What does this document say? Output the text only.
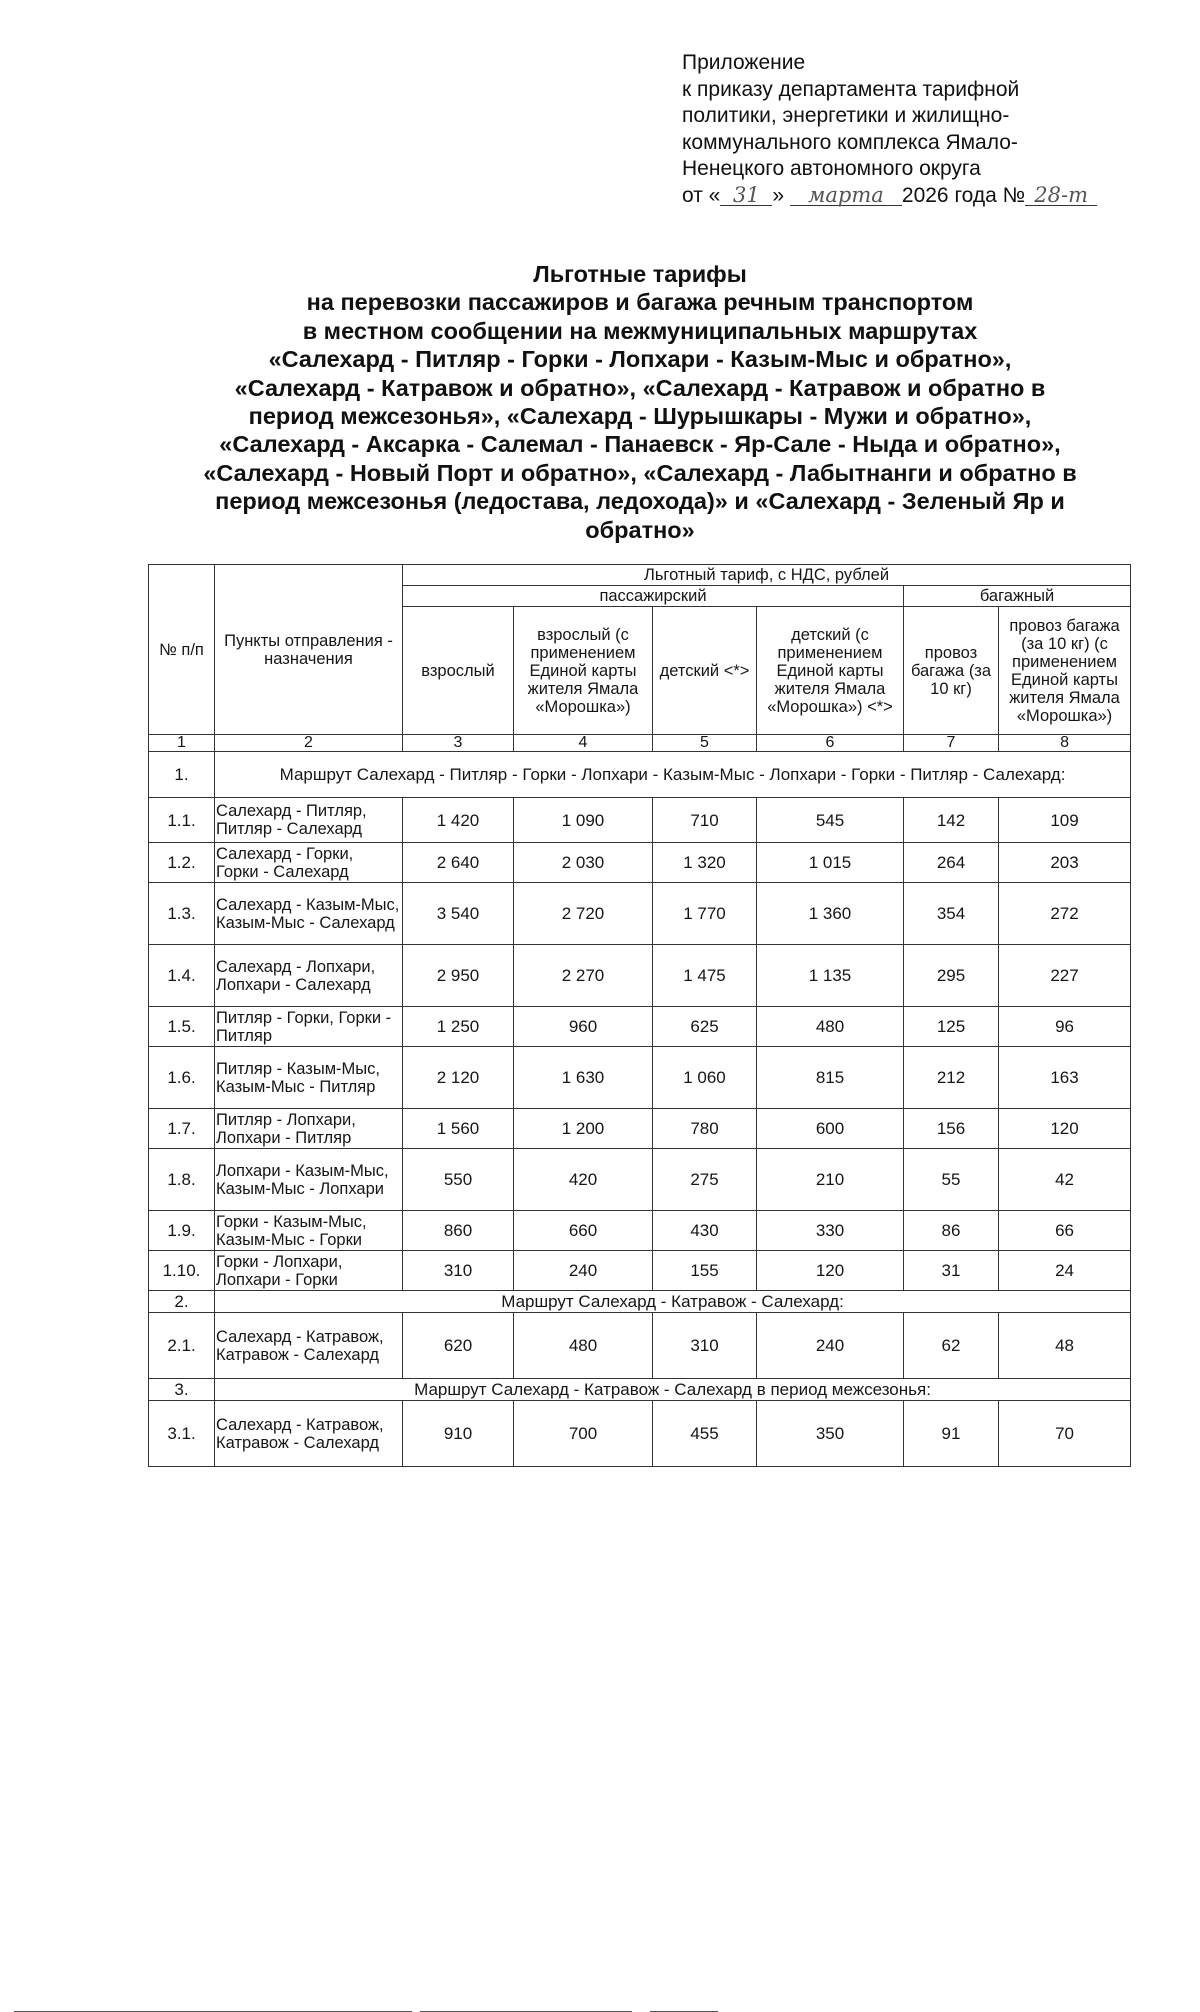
Приложение
к приказу департамента тарифной
политики, энергетики и жилищно-
коммунального комплекса Ямало-
Ненецкого автономного округа
от « 31 » марта 2026 года № 28-т
Льготные тарифы
на перевозки пассажиров и багажа речным транспортом
в местном сообщении на межмуниципальных маршрутах
«Салехард - Питляр - Горки - Лопхари - Казым-Мыс и обратно»,
«Салехард - Катравож и обратно», «Салехард - Катравож и обратно в
период межсезонья», «Салехард - Шурышкары - Мужи и обратно»,
«Салехард - Аксарка - Салемал - Панаевск - Яр-Сале - Ныда и обратно»,
«Салехард - Новый Порт и обратно», «Салехард - Лабытнанги и обратно в
период межсезонья (ледостава, ледохода)» и «Салехард - Зеленый Яр и
обратно»
№ п/п	Пункты отправления - назначения	Льготный тариф, с НДС, рублей					
		пассажирский				багажный	
		взрослый	взрослый (с применением Единой карты жителя Ямала «Морошка»)	детский <*>	детский (с применением Единой карты жителя Ямала «Морошка») <*>	провоз багажа (за 10 кг)	провоз багажа (за 10 кг) (с применением Единой карты жителя Ямала «Морошка»)
1	2	3	4	5	6	7	8
1.	Маршрут Салехард - Питляр - Горки - Лопхари - Казым-Мыс - Лопхари - Горки - Питляр - Салехард:						
1.1.	Салехард - Питляр, Питляр - Салехард	1 420	1 090	710	545	142	109
1.2.	Салехард - Горки, Горки - Салехард	2 640	2 030	1 320	1 015	264	203
1.3.	Салехард - Казым-Мыс, Казым-Мыс - Салехард	3 540	2 720	1 770	1 360	354	272
1.4.	Салехард - Лопхари, Лопхари - Салехард	2 950	2 270	1 475	1 135	295	227
1.5.	Питляр - Горки, Горки - Питляр	1 250	960	625	480	125	96
1.6.	Питляр - Казым-Мыс, Казым-Мыс - Питляр	2 120	1 630	1 060	815	212	163
1.7.	Питляр - Лопхари, Лопхари - Питляр	1 560	1 200	780	600	156	120
1.8.	Лопхари - Казым-Мыс, Казым-Мыс - Лопхари	550	420	275	210	55	42
1.9.	Горки - Казым-Мыс, Казым-Мыс - Горки	860	660	430	330	86	66
1.10.	Горки - Лопхари, Лопхари - Горки	310	240	155	120	31	24
2.	Маршрут Салехард - Катравож - Салехард:						
2.1.	Салехард - Катравож, Катравож - Салехард	620	480	310	240	62	48
3.	Маршрут Салехард - Катравож - Салехард в период межсезонья:						
3.1.	Салехард - Катравож, Катравож - Салехард	910	700	455	350	91	70
